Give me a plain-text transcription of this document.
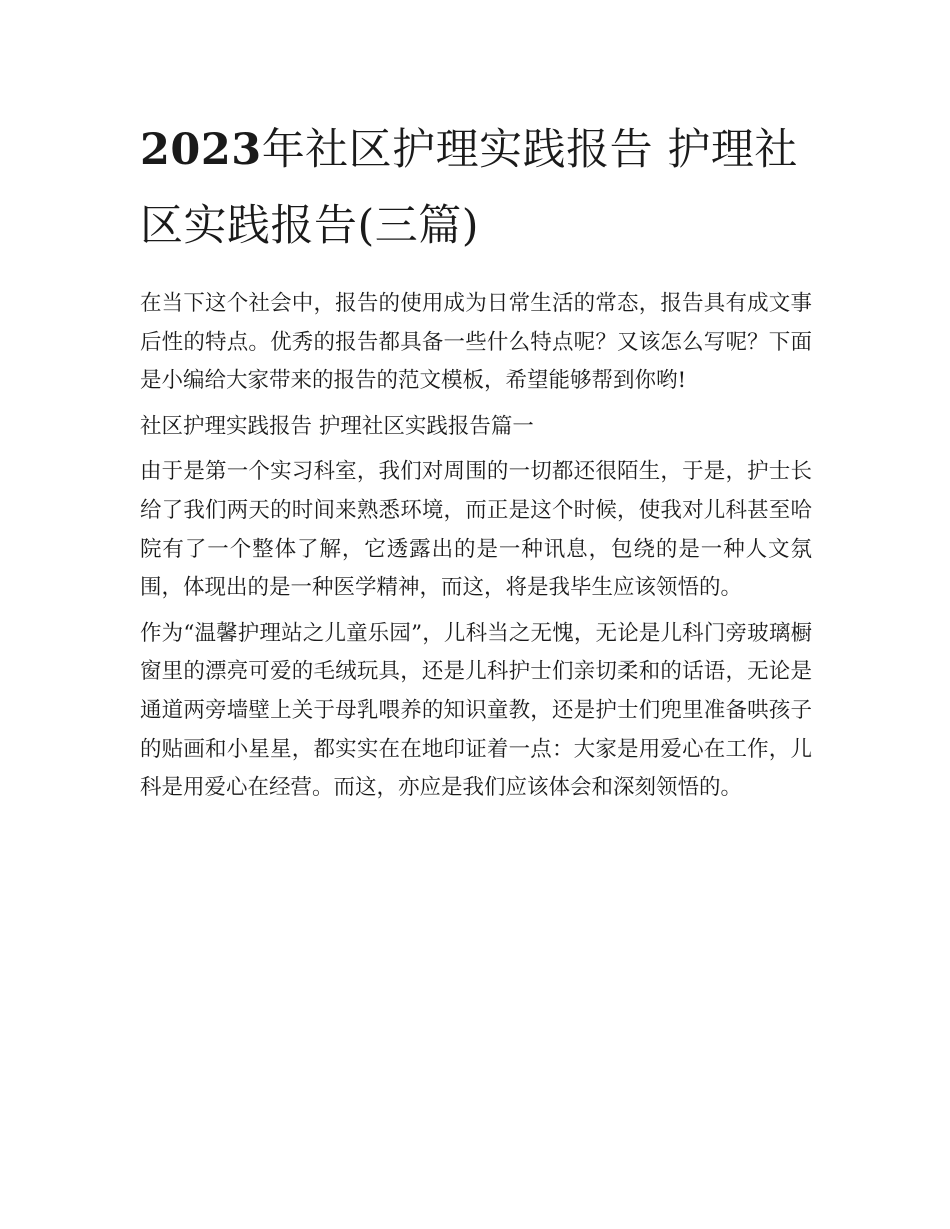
2023年社区护理实践报告 护理社区实践报告(三篇)

在当下这个社会中，报告的使用成为日常生活的常态，报告具有成文事后性的特点。优秀的报告都具备一些什么特点呢？又该怎么写呢？下面是小编给大家带来的报告的范文模板，希望能够帮到你哟!

社区护理实践报告 护理社区实践报告篇一

由于是第一个实习科室，我们对周围的一切都还很陌生，于是，护士长给了我们两天的时间来熟悉环境，而正是这个时候，使我对儿科甚至哈院有了一个整体了解，它透露出的是一种讯息，包绕的是一种人文氛围，体现出的是一种医学精神，而这，将是我毕生应该领悟的。

作为“温馨护理站之儿童乐园”，儿科当之无愧，无论是儿科门旁玻璃橱窗里的漂亮可爱的毛绒玩具，还是儿科护士们亲切柔和的话语，无论是通道两旁墙壁上关于母乳喂养的知识童教，还是护士们兜里准备哄孩子的贴画和小星星，都实实在在地印证着一点：大家是用爱心在工作，儿科是用爱心在经营。而这，亦应是我们应该体会和深刻领悟的。
